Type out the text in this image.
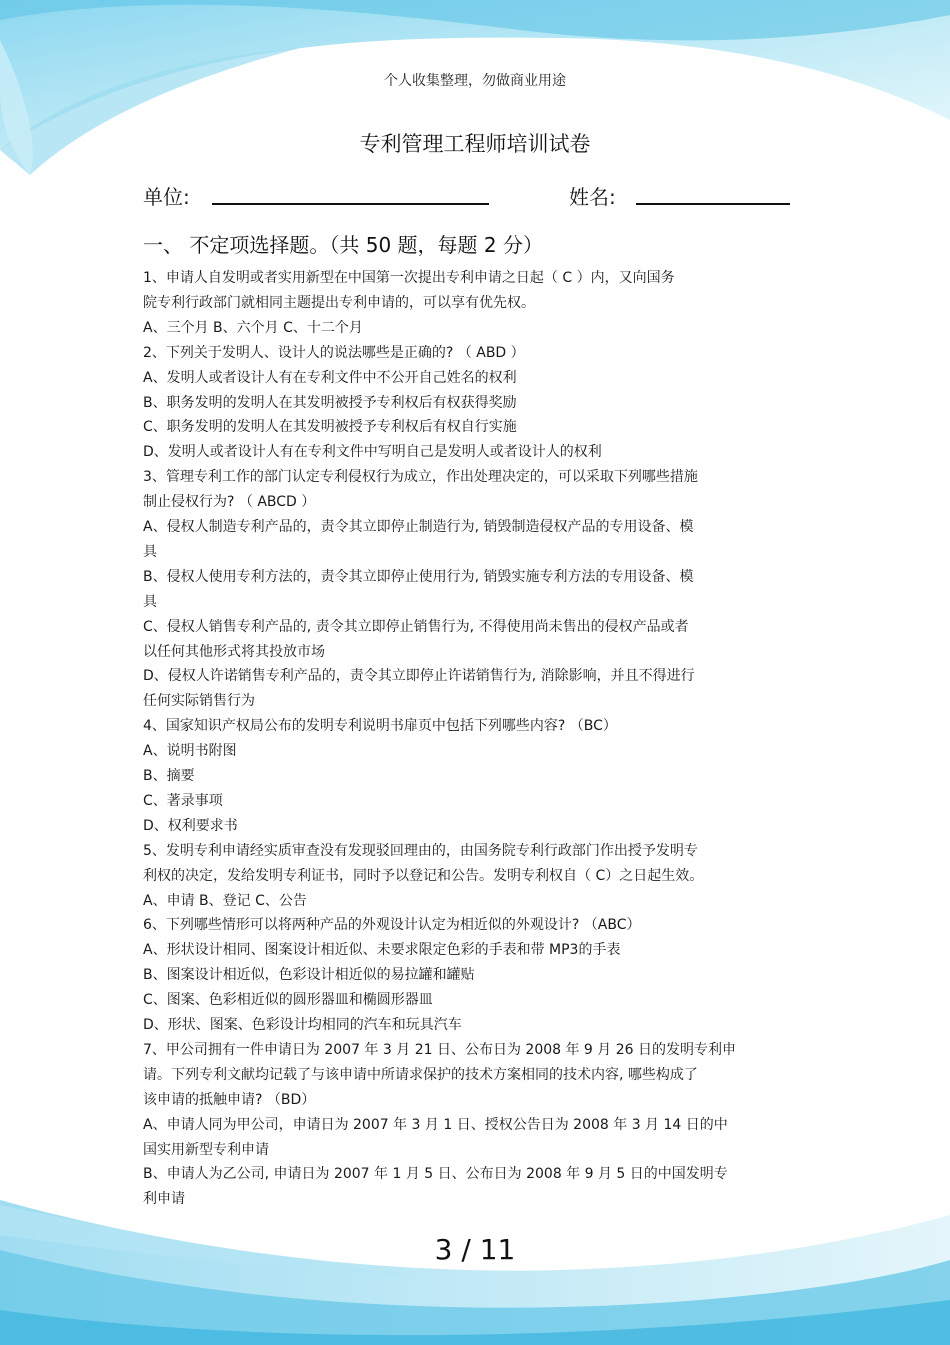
个人收集整理，勿做商业用途
专利管理工程师培训试卷
单位:	姓名:
一、 不定项选择题。（共 50 题，每题 2 分）
1、申请人自发明或者实用新型在中国第一次提出专利申请之日起（ C ）内，又向国务
院专利行政部门就相同主题提出专利申请的，可以享有优先权。
A、三个月 B、六个月 C、十二个月
2、下列关于发明人、设计人的说法哪些是正确的? （ ABD ）
A、发明人或者设计人有在专利文件中不公开自己姓名的权利
B、职务发明的发明人在其发明被授予专利权后有权获得奖励
C、职务发明的发明人在其发明被授予专利权后有权自行实施
D、发明人或者设计人有在专利文件中写明自己是发明人或者设计人的权利
3、管理专利工作的部门认定专利侵权行为成立，作出处理决定的，可以采取下列哪些措施
制止侵权行为? （ ABCD ）
A、侵权人制造专利产品的，责令其立即停止制造行为, 销毁制造侵权产品的专用设备、模
具
B、侵权人使用专利方法的，责令其立即停止使用行为, 销毁实施专利方法的专用设备、模
具
C、侵权人销售专利产品的, 责令其立即停止销售行为, 不得使用尚未售出的侵权产品或者
以任何其他形式将其投放市场
D、侵权人许诺销售专利产品的，责令其立即停止许诺销售行为, 消除影响，并且不得进行
任何实际销售行为
4、国家知识产权局公布的发明专利说明书扉页中包括下列哪些内容? （BC）
A、说明书附图
B、摘要
C、著录事项
D、权利要求书
5、发明专利申请经实质审查没有发现驳回理由的，由国务院专利行政部门作出授予发明专
利权的决定，发给发明专利证书，同时予以登记和公告。发明专利权自（ C）之日起生效。
A、申请 B、登记 C、公告
6、下列哪些情形可以将两种产品的外观设计认定为相近似的外观设计? （ABC）
A、形状设计相同、图案设计相近似、未要求限定色彩的手表和带 MP3的手表
B、图案设计相近似，色彩设计相近似的易拉罐和罐贴
C、图案、色彩相近似的圆形器皿和椭圆形器皿
D、形状、图案、色彩设计均相同的汽车和玩具汽车
7、甲公司拥有一件申请日为 2007 年 3 月 21 日、公布日为 2008 年 9 月 26 日的发明专利申
请。下列专利文献均记载了与该申请中所请求保护的技术方案相同的技术内容, 哪些构成了
该申请的抵触申请? （BD）
A、申请人同为甲公司，申请日为 2007 年 3 月 1 日、授权公告日为 2008 年 3 月 14 日的中
国实用新型专利申请
B、申请人为乙公司, 申请日为 2007 年 1 月 5 日、公布日为 2008 年 9 月 5 日的中国发明专
利申请
3 / 11
